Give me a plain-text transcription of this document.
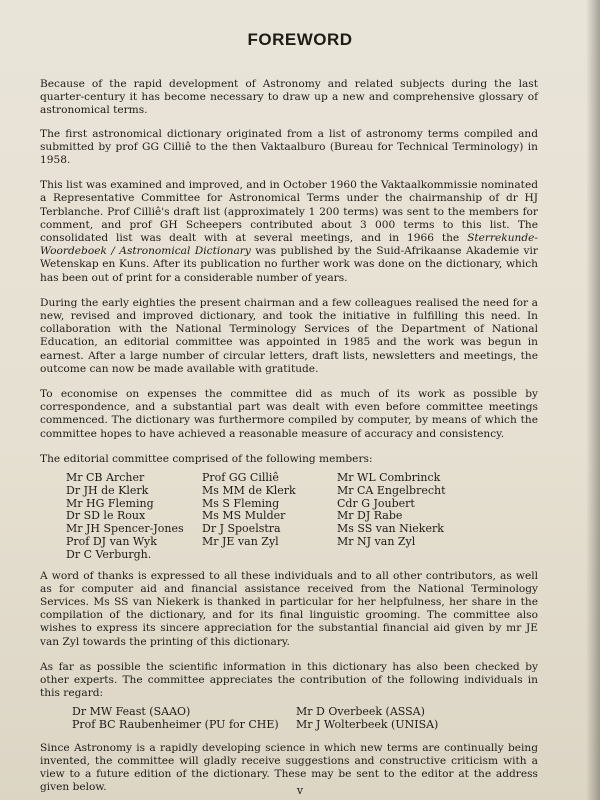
FOREWORD

Because of the rapid development of Astronomy and related subjects during the last quarter-century it has become necessary to draw up a new and comprehensive glossary of astronomical terms.

The first astronomical dictionary originated from a list of astronomy terms compiled and submitted by prof GG Cilliê to the then Vaktaalburo (Bureau for Technical Terminology) in 1958.

This list was examined and improved, and in October 1960 the Vaktaalkommissie nominated a Representative Committee for Astronomical Terms under the chairmanship of dr HJ Terblanche. Prof Cilliê's draft list (approximately 1 200 terms) was sent to the members for comment, and prof GH Scheepers contributed about 3 000 terms to this list. The consolidated list was dealt with at several meetings, and in 1966 the Sterrekunde-Woordeboek / Astronomical Dictionary was published by the Suid-Afrikaanse Akademie vir Wetenskap en Kuns. After its publication no further work was done on the dictionary, which has been out of print for a considerable number of years.

During the early eighties the present chairman and a few colleagues realised the need for a new, revised and improved dictionary, and took the initiative in fulfilling this need. In collaboration with the National Terminology Services of the Department of National Education, an editorial committee was appointed in 1985 and the work was begun in earnest. After a large number of circular letters, draft lists, newsletters and meetings, the outcome can now be made available with gratitude.

To economise on expenses the committee did as much of its work as possible by correspondence, and a substantial part was dealt with even before committee meetings commenced. The dictionary was furthermore compiled by computer, by means of which the committee hopes to have achieved a reasonable measure of accuracy and consistency.

The editorial committee comprised of the following members:

Mr CB Archer
Dr JH de Klerk
Mr HG Fleming
Dr SD le Roux
Mr JH Spencer-Jones
Prof DJ van Wyk
Dr C Verburgh.
Prof GG Cilliê
Ms MM de Klerk
Ms S Fleming
Ms MS Mulder
Dr J Spoelstra
Mr JE van Zyl
Mr WL Combrinck
Mr CA Engelbrecht
Cdr G Joubert
Mr DJ Rabe
Ms SS van Niekerk
Mr NJ van Zyl

A word of thanks is expressed to all these individuals and to all other contributors, as well as for computer aid and financial assistance received from the National Terminology Services. Ms SS van Niekerk is thanked in particular for her helpfulness, her share in the compilation of the dictionary, and for its final linguistic grooming. The committee also wishes to express its sincere appreciation for the substantial financial aid given by mr JE van Zyl towards the printing of this dictionary.

As far as possible the scientific information in this dictionary has also been checked by other experts. The committee appreciates the contribution of the following individuals in this regard:

Dr MW Feast (SAAO)
Prof BC Raubenheimer (PU for CHE)
Mr D Overbeek (ASSA)
Mr J Wolterbeek (UNISA)

Since Astronomy is a rapidly developing science in which new terms are continually being invented, the committee will gladly receive suggestions and constructive criticism with a view to a future edition of the dictionary. These may be sent to the editor at the address given below.	v
